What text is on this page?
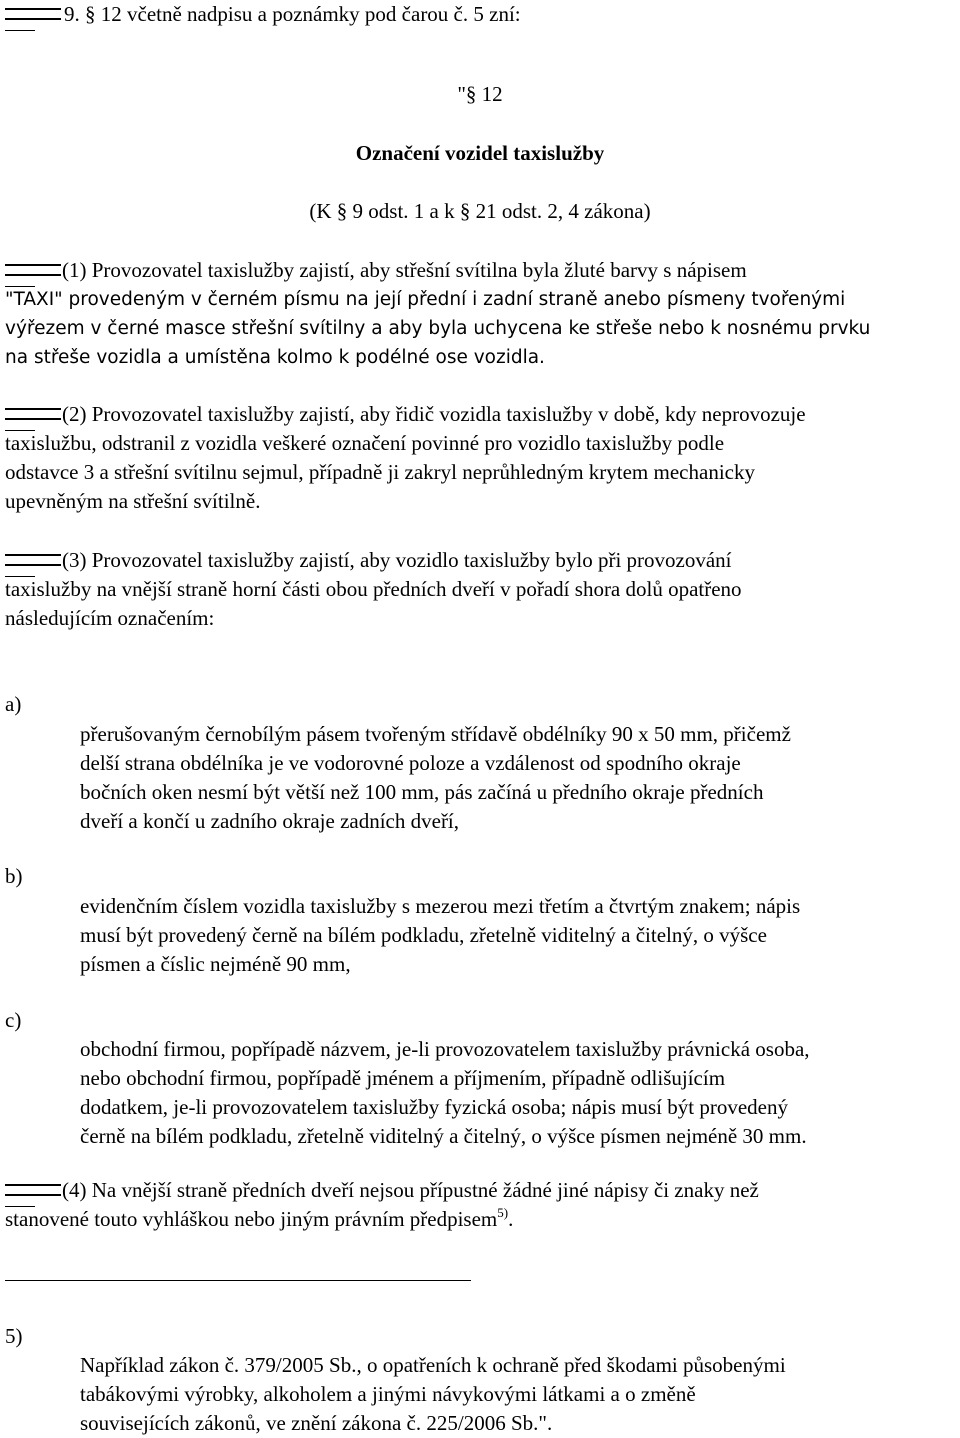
9. § 12 včetně nadpisu a poznámky pod čarou č. 5 zní:
"§ 12
Označení vozidel taxislužby
(K § 9 odst. 1 a k § 21 odst. 2, 4 zákona)
(1) Provozovatel taxislužby zajistí, aby střešní svítilna byla žluté barvy s nápisem
"TAXI" provedeným v černém písmu na její přední i zadní straně anebo písmeny tvořenými
výřezem v černé masce střešní svítilny a aby byla uchycena ke střeše nebo k nosnému prvku
na střeše vozidla a umístěna kolmo k podélné ose vozidla.
(2) Provozovatel taxislužby zajistí, aby řidič vozidla taxislužby v době, kdy neprovozuje
taxislužbu, odstranil z vozidla veškeré označení povinné pro vozidlo taxislužby podle
odstavce 3 a střešní svítilnu sejmul, případně ji zakryl neprůhledným krytem mechanicky
upevněným na střešní svítilně.
(3) Provozovatel taxislužby zajistí, aby vozidlo taxislužby bylo při provozování
taxislužby na vnější straně horní části obou předních dveří v pořadí shora dolů opatřeno
následujícím označením:
a)
přerušovaným černobílým pásem tvořeným střídavě obdélníky 90 x 50 mm, přičemž
delší strana obdélníka je ve vodorovné poloze a vzdálenost od spodního okraje
bočních oken nesmí být větší než 100 mm, pás začíná u předního okraje předních
dveří a končí u zadního okraje zadních dveří,
b)
evidenčním číslem vozidla taxislužby s mezerou mezi třetím a čtvrtým znakem; nápis
musí být provedený černě na bílém podkladu, zřetelně viditelný a čitelný, o výšce
písmen a číslic nejméně 90 mm,
c)
obchodní firmou, popřípadě názvem, je-li provozovatelem taxislužby právnická osoba,
nebo obchodní firmou, popřípadě jménem a příjmením, případně odlišujícím
dodatkem, je-li provozovatelem taxislužby fyzická osoba; nápis musí být provedený
černě na bílém podkladu, zřetelně viditelný a čitelný, o výšce písmen nejméně 30 mm.
(4) Na vnější straně předních dveří nejsou přípustné žádné jiné nápisy či znaky než
stanovené touto vyhláškou nebo jiným právním předpisem$^{5)}$.
5)
Například zákon č. 379/2005 Sb., o opatřeních k ochraně před škodami působenými
tabákovými výrobky, alkoholem a jinými návykovými látkami a o změně
souvisejících zákonů, ve znění zákona č. 225/2006 Sb.".
